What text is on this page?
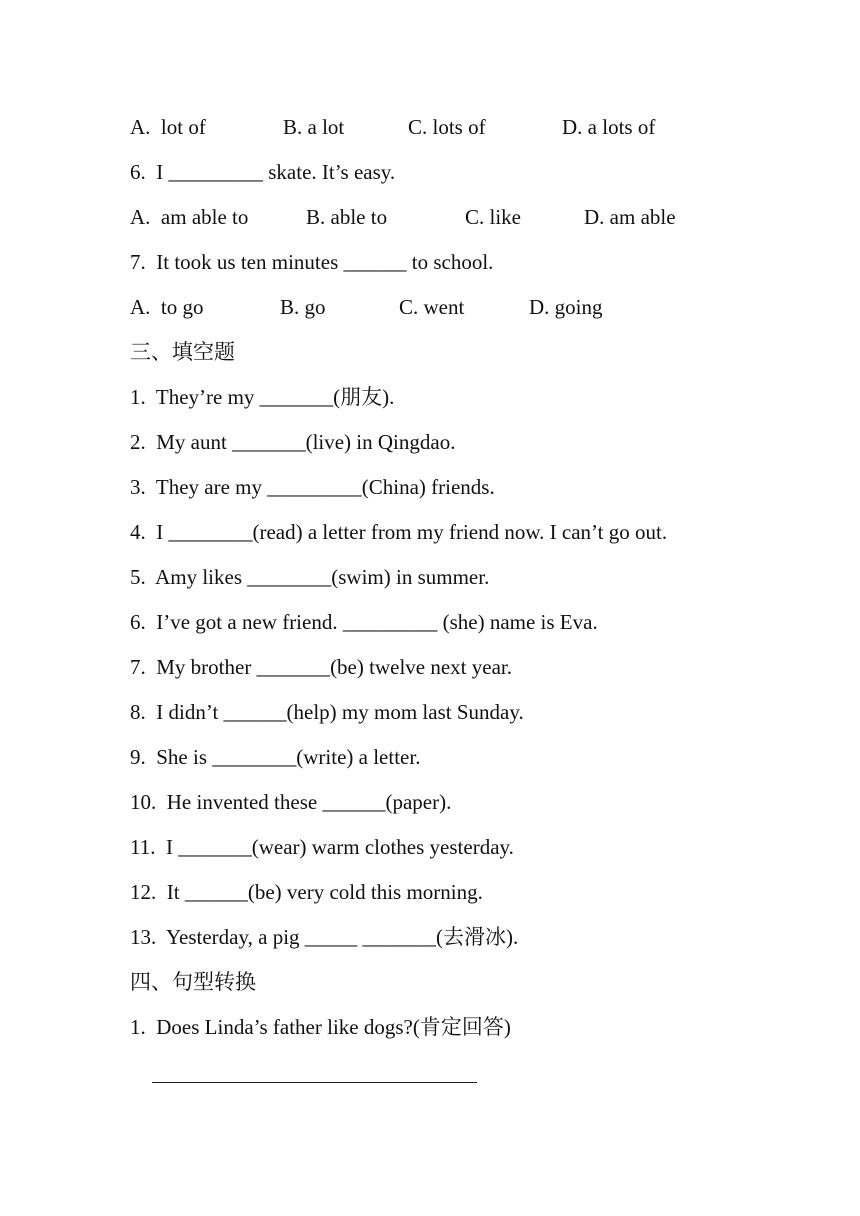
A.  lot of

	B. a lot

	C. lots of

	D. a lots of

6.  I _________ skate. It’s easy.

A.  am able to

	B. able to

	C. like

	D. am able

7.  It took us ten minutes ______ to school.

A.  to go

	B. go

	C. went

	D. going

三、填空题
1.  They’re my _______(朋友).
2.  My aunt _______(live) in Qingdao.
3.  They are my _________(China) friends.
4.  I ________(read) a letter from my friend now. I can’t go out.
5.  Amy likes ________(swim) in summer.
6.  I’ve got a new friend. _________ (she) name is Eva.
7.  My brother _______(be) twelve next year.
8.  I didn’t ______(help) my mom last Sunday.
9.  She is ________(write) a letter.
10.  He invented these ______(paper).
11.  I _______(wear) warm clothes yesterday.
12.  It ______(be) very cold this morning.
13.  Yesterday, a pig _____ _______(去滑冰).
四、句型转换
1.  Does Linda’s father like dogs?(肯定回答)
